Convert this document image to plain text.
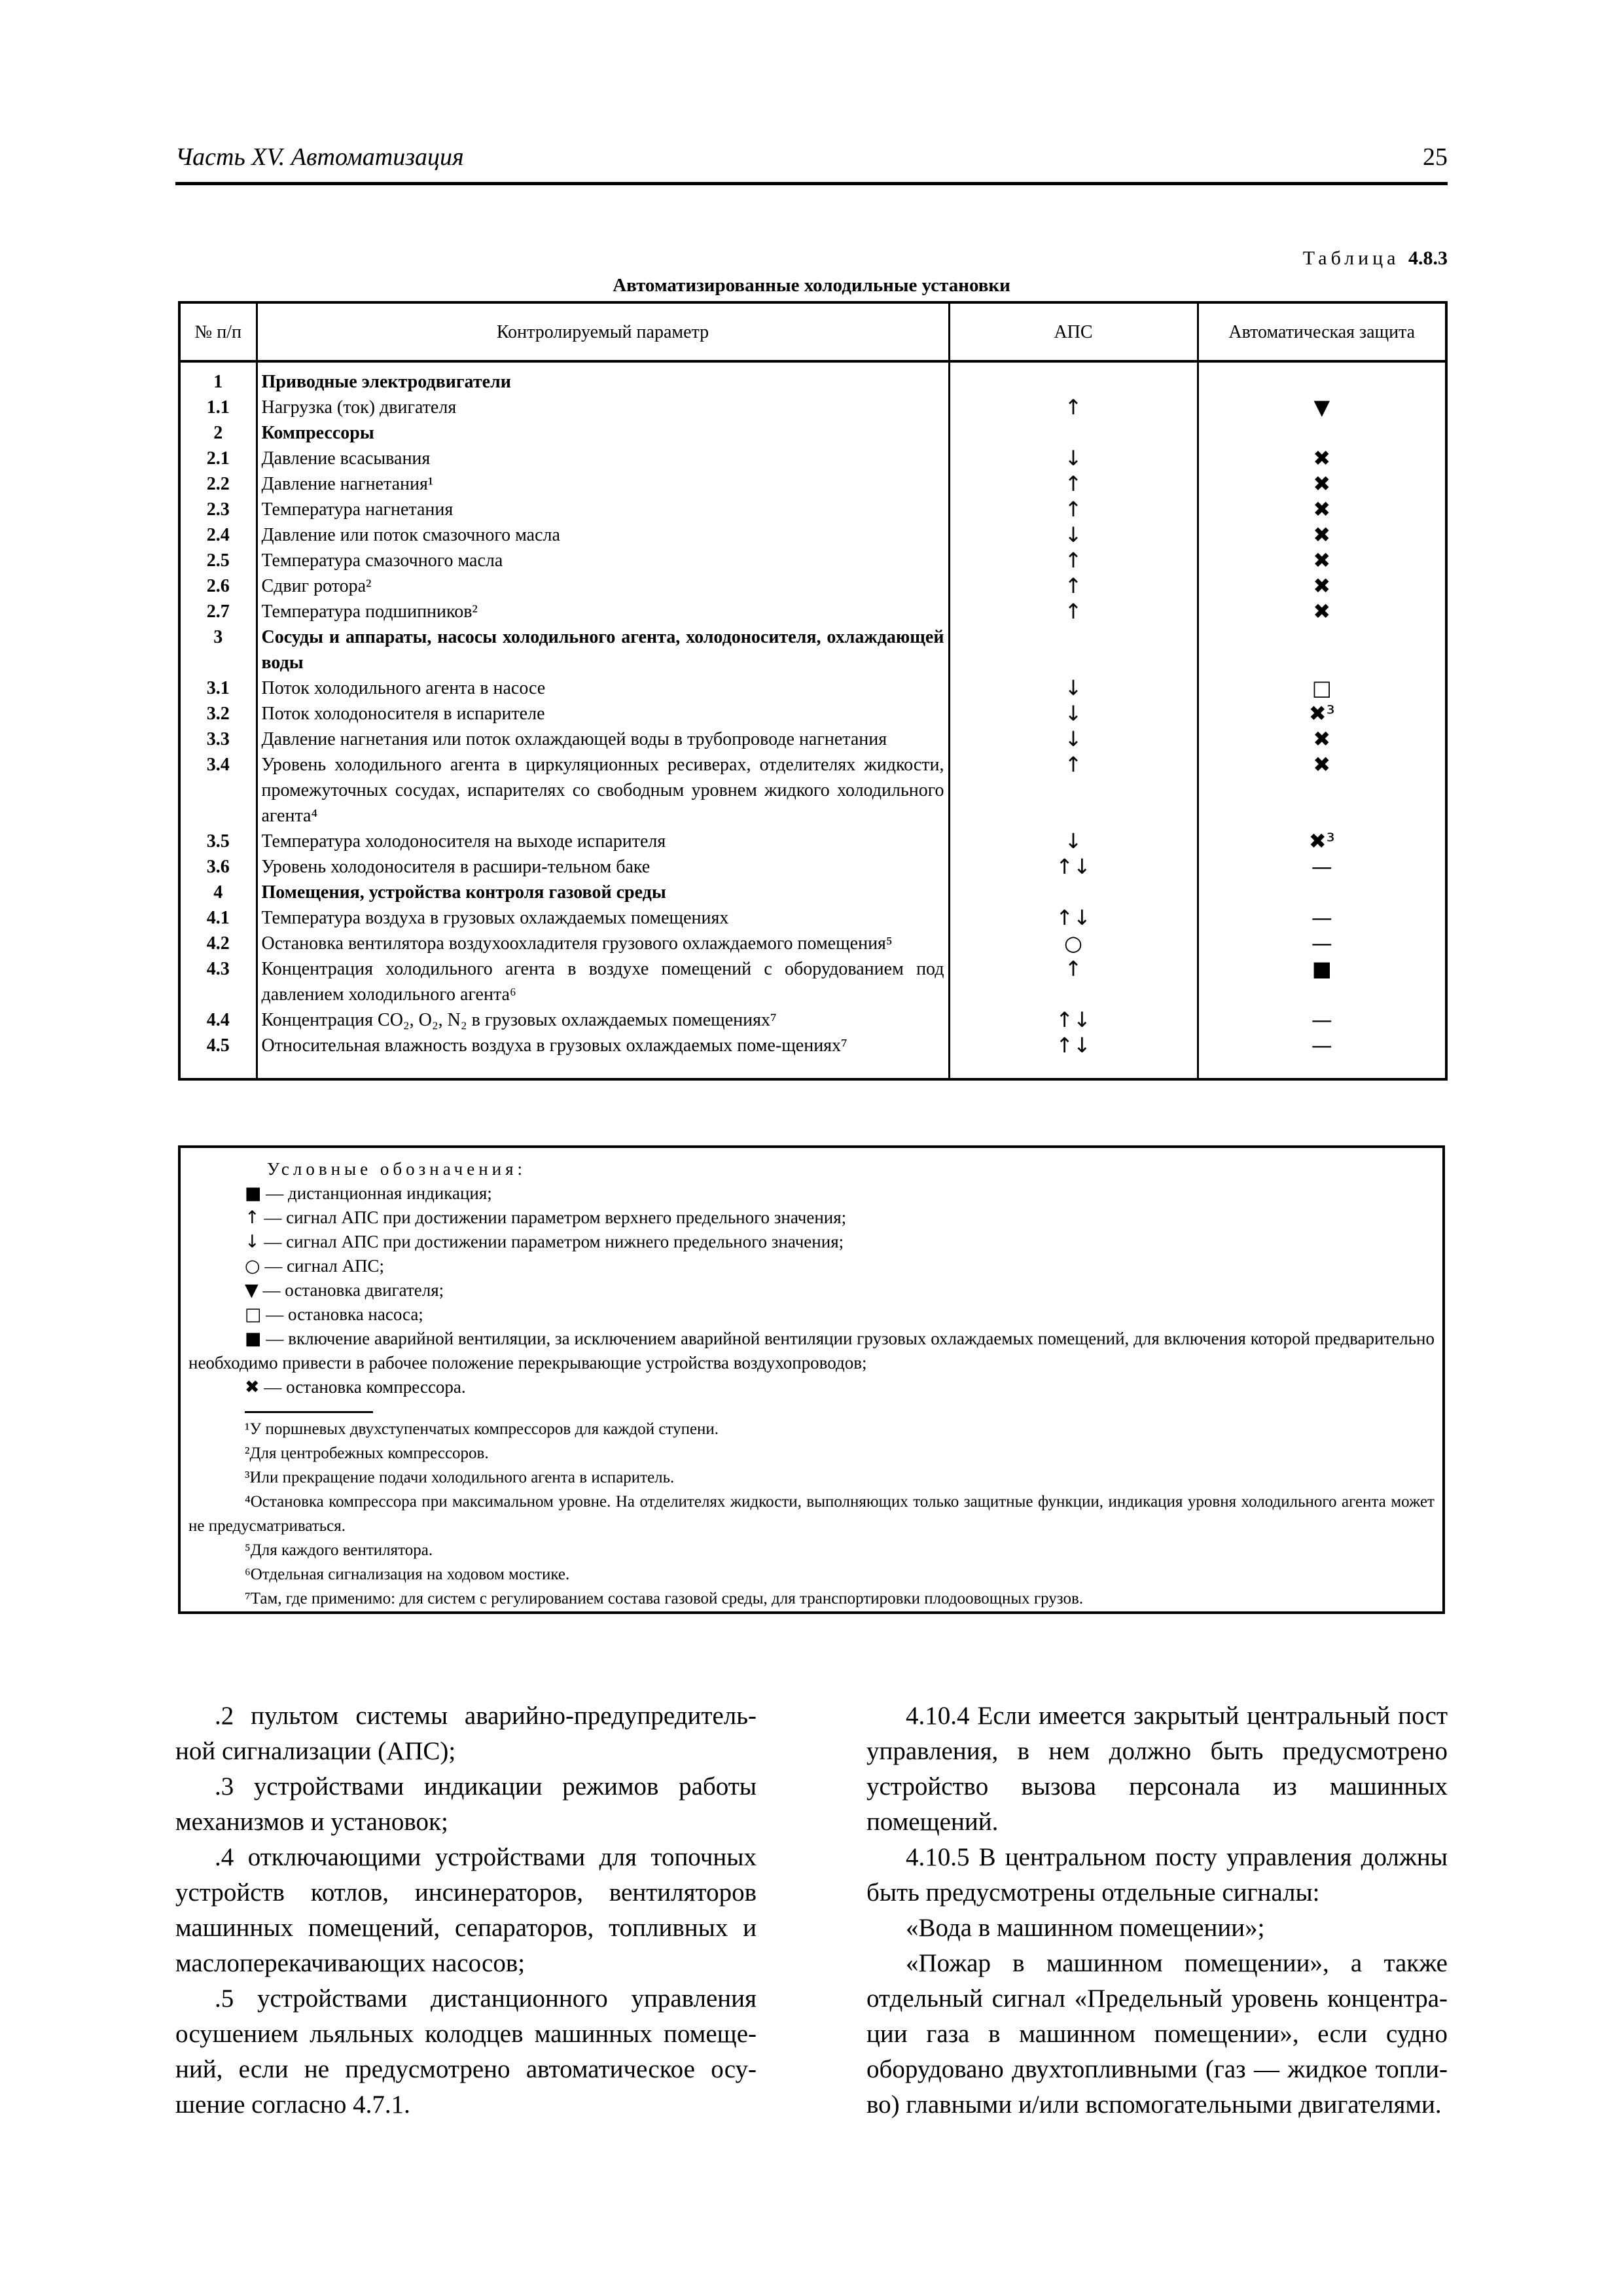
Часть XV. Автоматизация	25
Таблица 4.8.3
Автоматизированные холодильные установки
№ п/п	Контролируемый параметр	АПС	Автоматическая защита

1	Приводные электродвигатели		
1.1	Нагрузка (ток) двигателя	↑	▼
2	Компрессоры		
2.1	Давление всасывания	↓	✖
2.2	Давление нагнетания¹	↑	✖
2.3	Температура нагнетания	↑	✖
2.4	Давление или поток смазочного масла	↓	✖
2.5	Температура смазочного масла	↑	✖
2.6	Сдвиг ротора²	↑	✖
2.7	Температура подшипников²	↑	✖
3	Сосуды и аппараты, насосы холодильного агента, холодоносителя, охлаждающей воды		
3.1	Поток холодильного агента в насосе	↓	□
3.2	Поток холодоносителя в испарителе	↓	✖³
3.3	Давление нагнетания или поток охлаждающей воды в трубопроводе нагнетания	↓	✖
3.4	Уровень холодильного агента в циркуляционных ресиверах, отделителях жидкости, промежуточных сосудах, испарителях со свободным уровнем жидкого холодильного агента⁴	↑	✖
3.5	Температура холодоносителя на выходе испарителя	↓	✖³
3.6	Уровень холодоносителя в расшири-тельном баке	↑↓	—
4	Помещения, устройства контроля газовой среды		
4.1	Температура воздуха в грузовых охлаждаемых помещениях	↑↓	—
4.2	Остановка вентилятора воздухоохладителя грузового охлаждаемого помещения⁵	○	—
4.3	Концентрация холодильного агента в воздухе помещений с оборудованием под давлением холодильного агента⁶	↑	■
4.4	Концентрация CO₂, O₂, N₂ в грузовых охлаждаемых помещениях⁷	↑↓	—
4.5	Относительная влажность воздуха в грузовых охлаждаемых поме-щениях⁷	↑↓	—

Условные обозначения:
■ — дистанционная индикация;
↑ — сигнал АПС при достижении параметром верхнего предельного значения;
↓ — сигнал АПС при достижении параметром нижнего предельного значения;
○ — сигнал АПС;
▼ — остановка двигателя;
□ — остановка насоса;
■ — включение аварийной вентиляции, за исключением аварийной вентиляции грузовых охлаждаемых помещений, для включения которой предварительно необходимо привести в рабочее положение перекрывающие устройства воздухопроводов;
✖ — остановка компрессора.
¹У поршневых двухступенчатых компрессоров для каждой ступени.
²Для центробежных компрессоров.
³Или прекращение подачи холодильного агента в испаритель.
⁴Остановка компрессора при максимальном уровне. На отделителях жидкости, выполняющих только защитные функции, индикация уровня холодильного агента может не предусматриваться.
⁵Для каждого вентилятора.
⁶Отдельная сигнализация на ходовом мостике.
⁷Там, где применимо: для систем с регулированием состава газовой среды, для транспортировки плодоовощных грузов.

.2 пультом системы аварийно-предупредитель-ной сигнализации (АПС);

.3 устройствами индикации режимов работы механизмов и установок;

.4 отключающими устройствами для топочных устройств котлов, инсинераторов, вентиляторов машинных помещений, сепараторов, топливных и маслоперекачивающих насосов;

.5 устройствами дистанционного управления осушением льяльных колодцев машинных помеще-ний, если не предусмотрено автоматическое осу-шение согласно 4.7.1.

4.10.4 Если имеется закрытый центральный пост управления, в нем должно быть предусмотрено устройство вызова персонала из машинных помещений.

4.10.5 В центральном посту управления должны быть предусмотрены отдельные сигналы:

«Вода в машинном помещении»;

«Пожар в машинном помещении», а также отдельный сигнал «Предельный уровень концентра-ции газа в машинном помещении», если судно оборудовано двухтопливными (газ — жидкое топли-во) главными и/или вспомогательными двигателями.
